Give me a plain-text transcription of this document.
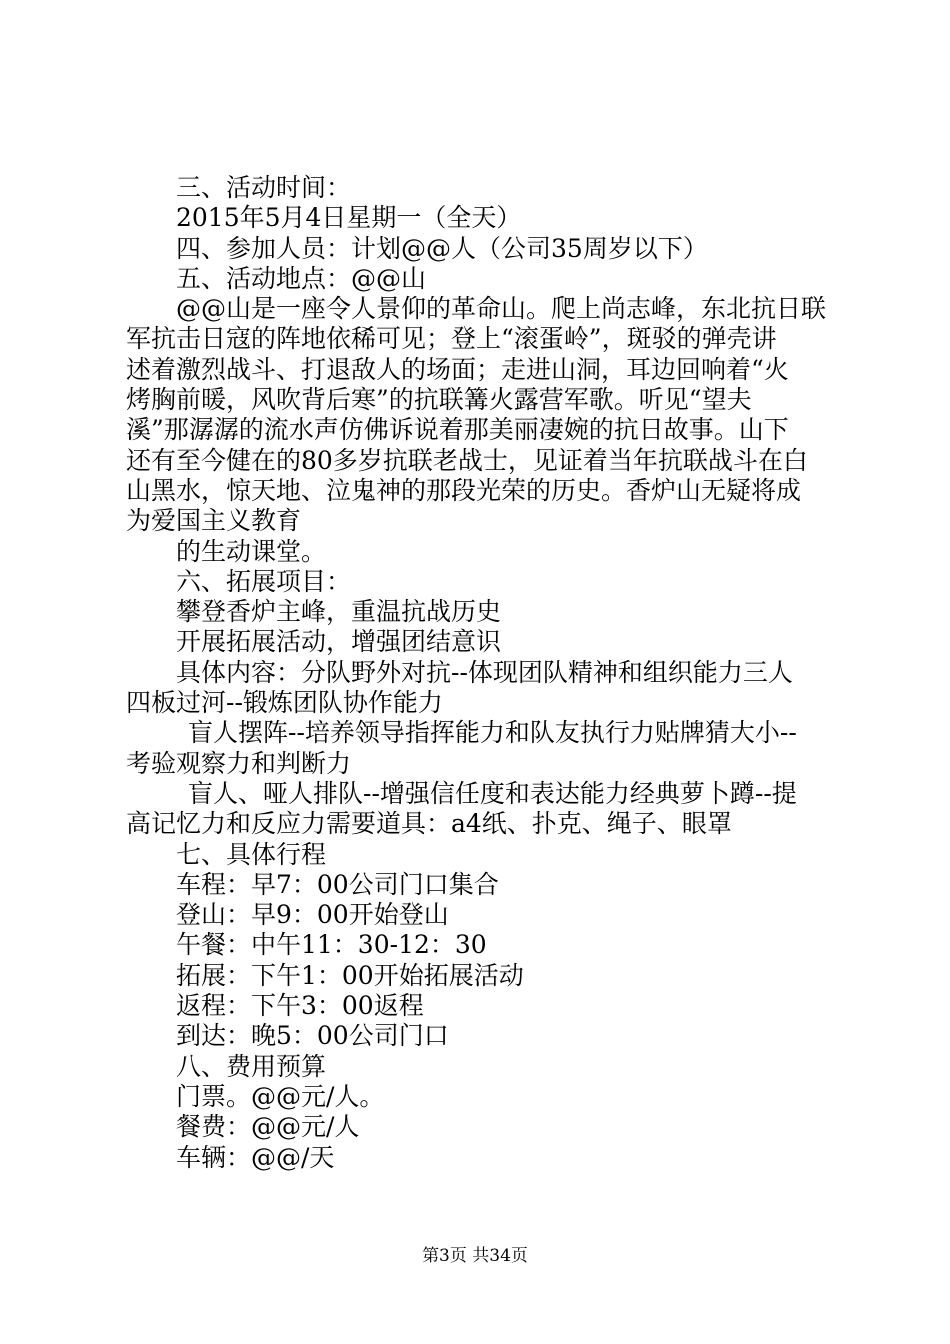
三、活动时间：

2015年5月4日星期一（全天）

四、参加人员：计划@@人（公司35周岁以下）

五、活动地点：@@山

@@山是一座令人景仰的革命山。爬上尚志峰，东北抗日联
军抗击日寇的阵地依稀可见；登上“滚蛋岭”，斑驳的弹壳讲
述着激烈战斗、打退敌人的场面；走进山洞，耳边回响着“火
烤胸前暖，风吹背后寒”的抗联篝火露营军歌。听见“望夫
溪”那潺潺的流水声仿佛诉说着那美丽凄婉的抗日故事。山下
还有至今健在的80多岁抗联老战士，见证着当年抗联战斗在白
山黑水，惊天地、泣鬼神的那段光荣的历史。香炉山无疑将成
为爱国主义教育

的生动课堂。

六、拓展项目：

攀登香炉主峰，重温抗战历史

开展拓展活动，增强团结意识

具体内容：分队野外对抗--体现团队精神和组织能力三人
四板过河--锻炼团队协作能力

盲人摆阵--培养领导指挥能力和队友执行力贴牌猜大小--
考验观察力和判断力

盲人、哑人排队--增强信任度和表达能力经典萝卜蹲--提
高记忆力和反应力需要道具：a4纸、扑克、绳子、眼罩

七、具体行程

车程：早7：00公司门口集合

登山：早9：00开始登山

午餐：中午11：30-12：30

拓展：下午1：00开始拓展活动

返程：下午3：00返程

到达：晚5：00公司门口

八、费用预算

门票。@@元/人。

餐费：@@元/人

车辆：@@/天

第3页 共34页
